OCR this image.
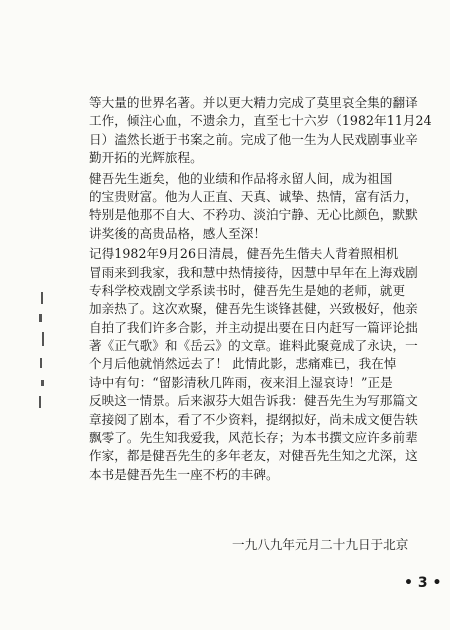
等大量的世界名著。并以更大精力完成了莫里哀全集的翻译
工作，倾注心血，不遗余力，直至七十六岁（1982年11月24
日）溘然长逝于书案之前。完成了他一生为人民戏剧事业辛
勤开拓的光辉旅程。
健吾先生逝矣，他的业绩和作品将永留人间，成为祖国
的宝贵财富。他为人正直、天真、诚挚、热情，富有活力，
特别是他那不自大、不矜功、淡泊宁静、无心比颜色，默默
讲奖後的高贵品格，感人至深！
记得1982年9月26日清晨，健吾先生偕夫人背着照相机
冒雨来到我家，我和慧中热情接待，因慧中早年在上海戏剧
专科学校戏剧文学系读书时，健吾先生是她的老师，就更
加亲热了。这次欢聚，健吾先生谈锋甚健，兴致极好，他亲
自拍了我们许多合影，并主动提出要在日内赶写一篇评论拙
著《正气歌》和《岳云》的文章。谁料此聚竟成了永诀，一
个月后他就悄然远去了！ 此情此影，悲痛难已，我在悼
诗中有句：“留影清秋几阵雨，夜来泪上湿哀诗！”正是
反映这一情景。后来淑芬大姐告诉我：健吾先生为写那篇文
章接阅了剧本，看了不少资料，提纲拟好，尚未成文便告轶
飘零了。先生知我爱我，风范长存；为本书撰文应许多前辈
作家，都是健吾先生的多年老友，对健吾先生知之尤深，这
本书是健吾先生一座不朽的丰碑。
一九八九年元月二十九日于北京
• 3 •
